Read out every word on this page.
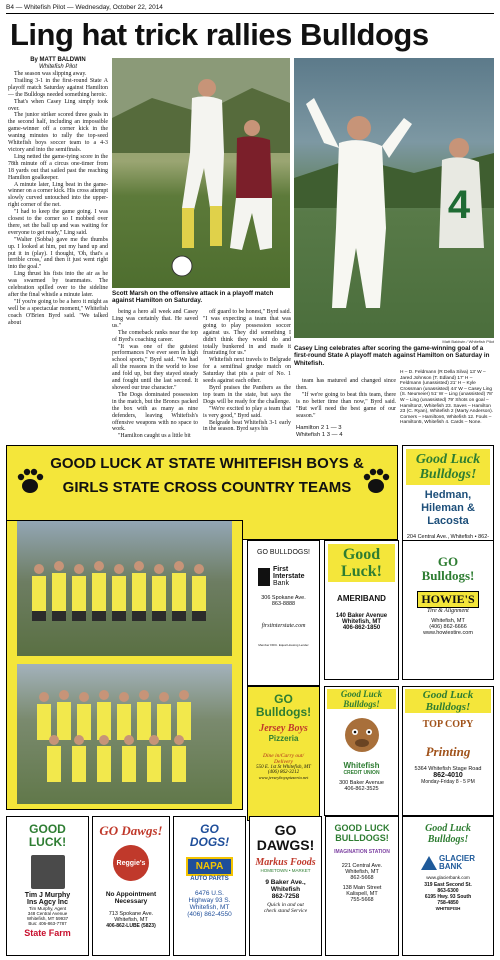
B4 — Whitefish Pilot — Wednesday, October 22, 2014
Ling hat trick rallies Bulldogs
By MATT BALDWIN
Whitefish Pilot

The season was slipping away.

Trailing 3-1 in the first-round State A playoff match Saturday against Hamilton — the Bulldogs needed something heroic.

That's when Casey Ling simply took over.

The junior striker scored three goals in the second half, including an impossible game-winner off a corner kick in the waning minutes to rally the top-seed Whitefish boys soccer team to a 4-3 victory and into the semifinals.

Ling netted the game-tying score in the 78th minute off a circus one-timer from 18 yards out that sailed past the reaching Hamilton goalkeeper.

A minute later, Ling beat in the game-winner on a corner kick. His cross attempt slowly curved untouched into the upper-right corner of the net.

"I had to keep the game going. I was closest to the corner so I mobbed over there, set the ball up and was waiting for everyone to get ready," Ling said.

"Walter (Sobba) gave me the thumbs up. I looked at him, put my hand up and put it in (play). I thought, 'Oh, that's a terrible cross,' and then it just went right into the goal."

Ling thrust his fists into the air as he was swarmed by teammates. The celebration spilled over to the sideline after the final whistle a minute later.

"If you're going to be a hero it might as well be a spectacular moment," Whitefish coach O'Brien Byrd said. "We talked about

Scott Marsh on the offensive attack in a playoff match against Hamilton on Saturday.
4
Matt Baldwin / Whitefish Pilot
Casey Ling celebrates after scoring the game-winning goal of a first-round State A playoff match against Hamilton on Saturday in Whitefish.

being a hero all week and Casey Ling was certainly that. He saved us."

The comeback ranks near the top of Byrd's coaching career.

"It was one of the gutsiest performances I've ever seen in high school sports," Byrd said. "We had all the reasons in the world to lose and fold up, but they stayed steady and fought until the last second. It showed our true character."

The Dogs dominated possession in the match, but the Broncs packed the box with as many as nine defenders, leaving Whitefish's offensive weapons with no space to work.

"Hamilton caught us a little bit

off guard to be honest," Byrd said. "I was expecting a team that was going to play possession soccer against us. They did something I didn't think they would do and totally bunkered in and made it frustrating for us."

Whitefish next travels to Belgrade for a semifinal grudge match on Saturday that pits a pair of No. 1 seeds against each other.

Byrd praises the Panthers as the top team in the state, but says the Dogs will be ready for the challenge.

"We're excited to play a team that is very good," Byrd said.

Belgrade beat Whitefish 3-1 early in the season. Byrd says his

team has matured and changed since then.

"If we're going to beat this team, there is no better time than now," Byrd said. "But we'll need the best game of our season."

Hamilton 2 1 — 3
Whitefish 1 3 — 4
H – D. Feldmann (R Della Silva) 13' W – Jared Johnson (T. Edland) 17' H – Feldmann (unassisted) 21' H – Kyle Crossman (unassisted) 44' W – Casey Ling (S. Neumeier) 51' W – Ling (unassisted) 78' W – Ling (unassisted) 79' Shots on goal – Hamilton2, Whitefish 23. Saves – Hamilton 23 (C. Ryan), Whitefish 2 (Marty Anderson). Corners – Hamilton6, Whitefish 12. Fouls – Hamilton5, Whitefish 4. Cards – None.
GOOD LUCK AT STATE WHITEFISH BOYS &
GIRLS STATE CROSS COUNTRY TEAMS
Good Luck
Bulldogs!
Hedman, Hileman & Lacosta
204 Central Ave., Whitefish • 862-
GO BULLDOGS!
First
Interstate
Bank
306 Spokane Ave.
863-8888
firstinterstate.com
Member FDIC. Equal Housing Lender
Good
Luck!
AMERIBAND
140 Baker Avenue
Whitefish, MT
406-862-1850
GO
Bulldogs!
HOWIE'S
Tire & Alignment
Whitefish, MT
(406) 862-6666
www.howiestire.com
GO
Bulldogs!
Jersey Boys
Pizzeria
Dine in/Carry out/
Delivery
550 E. 1st St Whitefish, MT
(406) 862-3212
www.jerseyboyspizzeria.net
Good Luck
Bulldogs!
Whitefish
CREDIT UNION
300 Baker Avenue
406-862-3525
Good Luck
Bulldogs!
TOP COPY
Printing
5364 Whitefish Stage Road
862-4010
Monday-Friday 8 - 5 PM
GOOD
LUCK!
Tim J Murphy
Ins Agcy Inc
Tim Murphy, Agent
348 Central Avenue
Whitefish, MT 59937
Bus: 406-863-7787
State Farm
GO Dawgs!
Reggie's
No Appointment
Necessary
713 Spokane Ave.
Whitefish, MT
406-862-LUBE (5823)
GO
DOGS!
NAPA
AUTO PARTS
6476 U.S.
Highway 93 S.
Whitefish, MT
(406) 862-4550
GO
DAWGS!
Markus Foods
HOMETOWN • MARKET
9 Baker Ave.,
Whitefish
862-7258
Quick in and out
check stand Service
GOOD LUCK
BULLDOGS!
IMAGINATION STATION
221 Central Ave.
Whitefish, MT
862-5668
138 Main Street
Kalispell, MT
755-5668
Good Luck
Bulldogs!
GLACIER
BANK
www.glacierbank.com
319 East Second St.
863-6300
6195 Hwy. 93 South
758-4850
WHITEFISH
